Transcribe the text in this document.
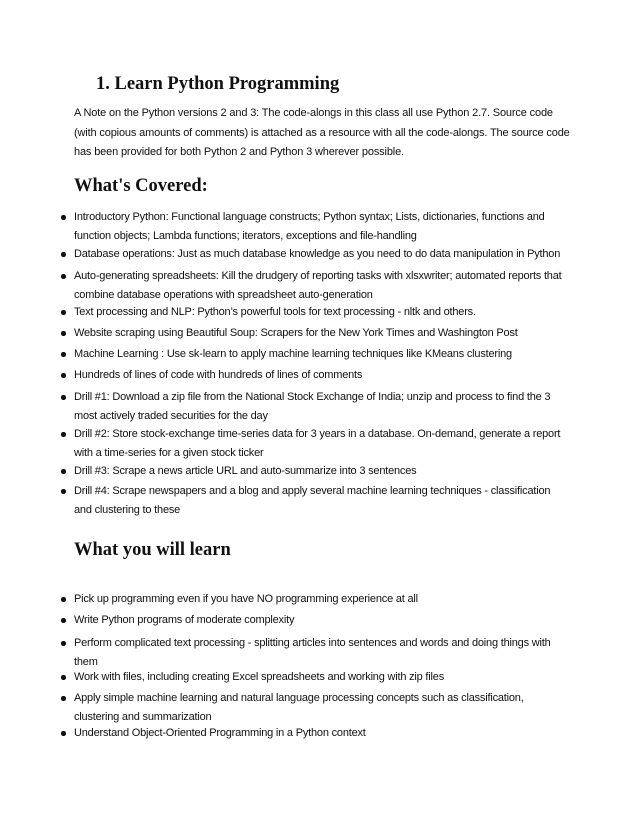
1. Learn Python Programming

A Note on the Python versions 2 and 3: The code-alongs in this class all use Python 2.7. Source code (with copious amounts of comments) is attached as a resource with all the code-alongs. The source code has been provided for both Python 2 and Python 3 wherever possible.

What's Covered:
Introductory Python: Functional language constructs; Python syntax; Lists, dictionaries, functions and function objects; Lambda functions; iterators, exceptions and file-handling
Database operations: Just as much database knowledge as you need to do data manipulation in Python
Auto-generating spreadsheets: Kill the drudgery of reporting tasks with xlsxwriter; automated reports that combine database operations with spreadsheet auto-generation
Text processing and NLP: Python’s powerful tools for text processing - nltk and others.
Website scraping using Beautiful Soup: Scrapers for the New York Times and Washington Post
Machine Learning : Use sk-learn to apply machine learning techniques like KMeans clustering
Hundreds of lines of code with hundreds of lines of comments
Drill #1: Download a zip file from the National Stock Exchange of India; unzip and process to find the 3 most actively traded securities for the day
Drill #2: Store stock-exchange time-series data for 3 years in a database. On-demand, generate a report with a time-series for a given stock ticker
Drill #3: Scrape a news article URL and auto-summarize into 3 sentences
Drill #4: Scrape newspapers and a blog and apply several machine learning techniques - classification and clustering to these
What you will learn
Pick up programming even if you have NO programming experience at all
Write Python programs of moderate complexity
Perform complicated text processing - splitting articles into sentences and words and doing things with them
Work with files, including creating Excel spreadsheets and working with zip files
Apply simple machine learning and natural language processing concepts such as classification, clustering and summarization
Understand Object-Oriented Programming in a Python context
